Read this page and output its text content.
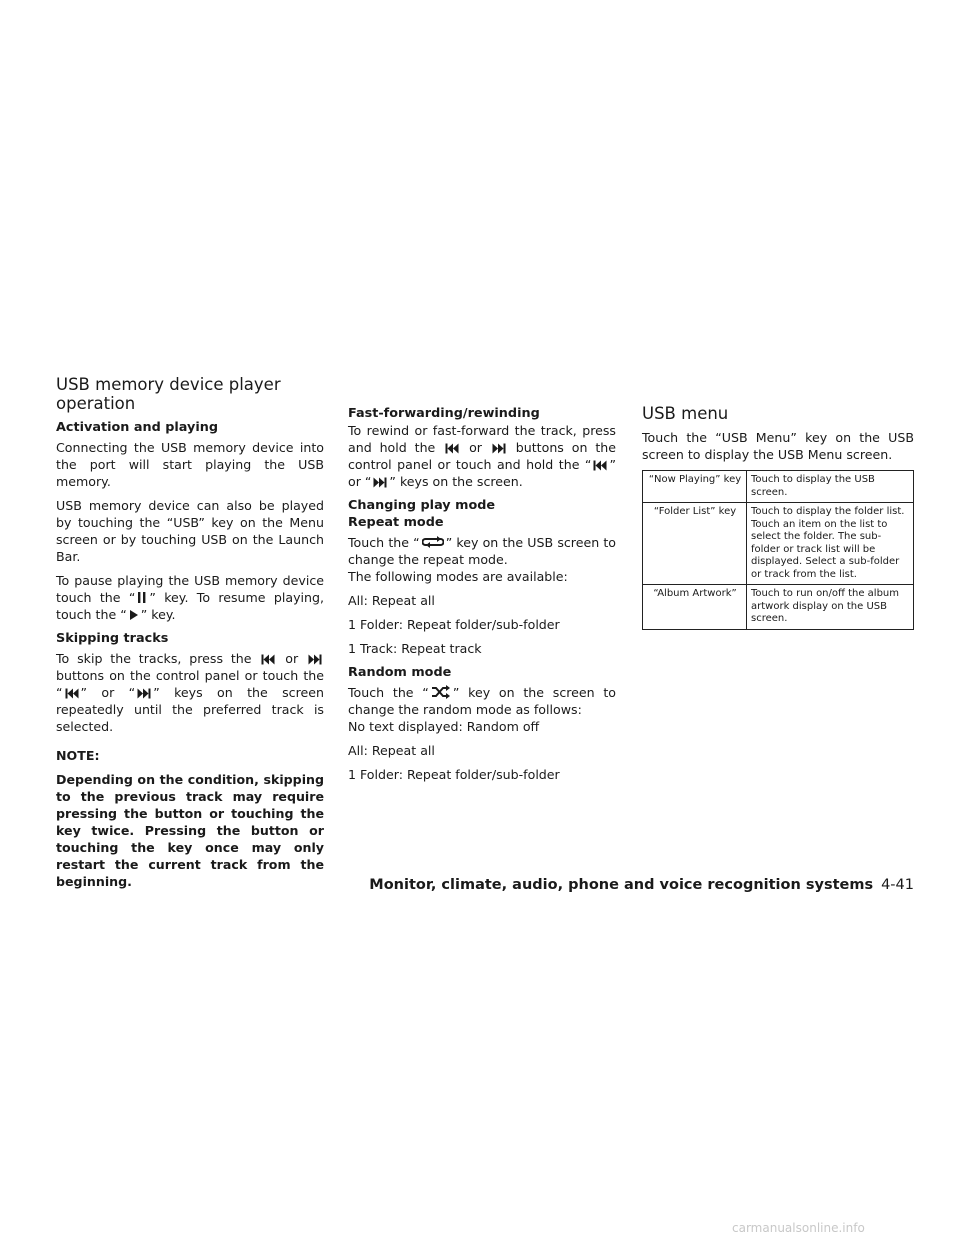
USB memory device player operation
Activation and playing

Connecting the USB memory device into the port will start playing the USB memory.

USB memory device can also be played by touching the “USB” key on the Menu screen or by touching USB on the Launch Bar.

To pause playing the USB memory device touch the “ ” key. To resume playing, touch the “ ” key.

Skipping tracks

To skip the tracks, press the	or
buttons on the control panel or touch the “ ” or “ ” keys on the screen repeatedly until the preferred track is selected.

NOTE:

Depending on the condition, skipping to the previous track may require pressing the button or touching the key twice. Pressing the button or touching the key once may only restart the current track from the beginning.

Fast-forwarding/rewinding

To rewind or fast-forward the track, press and hold the	or	buttons on the control panel or touch and hold the “ ” or “ ” keys on the screen.

Changing play mode
Repeat mode

Touch the “ ” key on the USB screen to change the repeat mode.

The following modes are available:

All: Repeat all

1 Folder: Repeat folder/sub-folder

1 Track: Repeat track

Random mode

Touch the “ ” key on the screen to change the random mode as follows:

No text displayed: Random off

All: Repeat all

1 Folder: Repeat folder/sub-folder

USB menu

Touch the “USB Menu” key on the USB screen to display the USB Menu screen.

“Now Playing” key	Touch to display the USB screen.
“Folder List” key	Touch to display the folder list. Touch an item on the list to select the folder. The sub-folder or track list will be displayed. Select a sub-folder or track from the list.
“Album Artwork”	Touch to run on/off the album artwork display on the USB screen.
Monitor, climate, audio, phone and voice recognition systems 4-41
carmanualsonline.info
